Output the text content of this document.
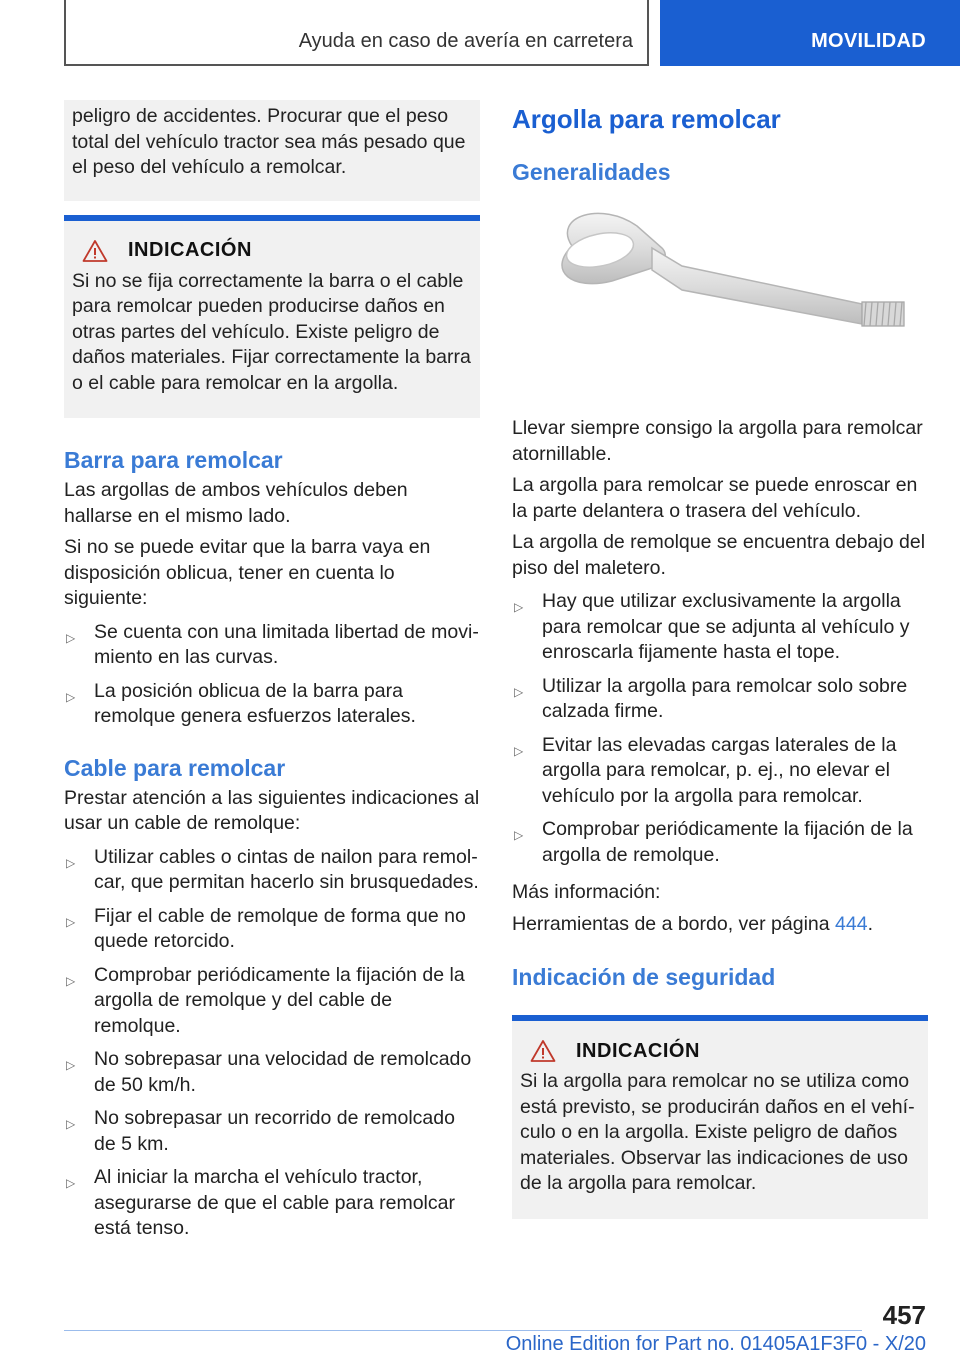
Ayuda en caso de avería en carretera	MOVILIDAD

peligro de accidentes. Procurar que el peso total del vehículo tractor sea más pesado que el peso del vehículo a remolcar.

INDICACIÓN

Si no se fija correctamente la barra o el cable para remolcar pueden producirse daños en otras partes del vehículo. Existe peligro de daños materiales. Fijar correctamente la barra o el cable para remolcar en la argolla.

Barra para remolcar

Las argollas de ambos vehículos deben hallarse en el mismo lado.

Si no se puede evitar que la barra vaya en disposición oblicua, tener en cuenta lo siguiente:

▷ Se cuenta con una limitada libertad de movimiento en las curvas.
▷ La posición oblicua de la barra para remolque genera esfuerzos laterales.
Cable para remolcar

Prestar atención a las siguientes indicaciones al usar un cable de remolque:

▷ Utilizar cables o cintas de nailon para remolcar, que permitan hacerlo sin brusquedades.
▷ Fijar el cable de remolque de forma que no quede retorcido.
▷ Comprobar periódicamente la fijación de la argolla de remolque y del cable de remolque.
▷ No sobrepasar una velocidad de remolcado de 50 km/h.
▷ No sobrepasar un recorrido de remolcado de 5 km.
▷ Al iniciar la marcha el vehículo tractor, asegurarse de que el cable para remolcar está tenso.
Argolla para remolcar
Generalidades

Llevar siempre consigo la argolla para remolcar atornillable.

La argolla para remolcar se puede enroscar en la parte delantera o trasera del vehículo.

La argolla de remolque se encuentra debajo del piso del maletero.

▷ Hay que utilizar exclusivamente la argolla para remolcar que se adjunta al vehículo y enroscarla fijamente hasta el tope.
▷ Utilizar la argolla para remolcar solo sobre calzada firme.
▷ Evitar las elevadas cargas laterales de la argolla para remolcar, p. ej., no elevar el vehículo por la argolla para remolcar.
▷ Comprobar periódicamente la fijación de la argolla de remolque.

Más información:

Herramientas de a bordo, ver página 444.

Indicación de seguridad
INDICACIÓN

Si la argolla para remolcar no se utiliza como está previsto, se producirán daños en el vehículo o en la argolla. Existe peligro de daños materiales. Observar las indicaciones de uso de la argolla para remolcar.

457
Online Edition for Part no. 01405A1F3F0 - X/20
